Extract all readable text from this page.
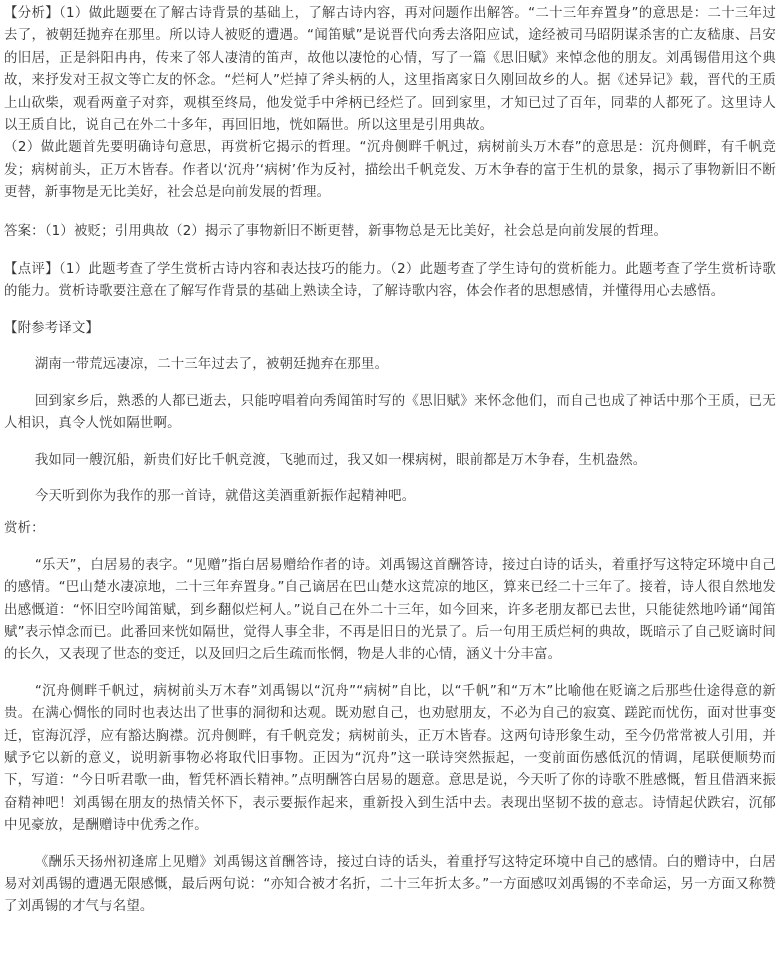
【分析】（1）做此题要在了解古诗背景的基础上，了解古诗内容，再对问题作出解答。“二十三年弃置身”的意思是：二十三年过去了，被朝廷抛弃在那里。所以诗人被贬的遭遇。“闻笛赋”是说晋代向秀去洛阳应试，途经被司马昭阴谋杀害的亡友嵇康、吕安的旧居，正是斜阳冉冉，传来了邻人凄清的笛声，故他以凄怆的心情，写了一篇《思旧赋》来悼念他的朋友。刘禹锡借用这个典故，来抒发对王叔文等亡友的怀念。“烂柯人”烂掉了斧头柄的人，这里指离家日久刚回故乡的人。据《述异记》载，晋代的王质上山砍柴，观看两童子对弈，观棋至终局，他发觉手中斧柄已经烂了。回到家里，才知已过了百年，同辈的人都死了。这里诗人以王质自比，说自己在外二十多年，再回旧地，恍如隔世。所以这里是引用典故。

（2）做此题首先要明确诗句意思，再赏析它揭示的哲理。“沉舟侧畔千帆过，病树前头万木春”的意思是：沉舟侧畔，有千帆竞发；病树前头，正万木皆春。作者以‘沉舟’‘病树’作为反衬，描绘出千帆竞发、万木争春的富于生机的景象，揭示了事物新旧不断更替，新事物是无比美好，社会总是向前发展的哲理。

答案：（1）被贬；引用典故（2）揭示了事物新旧不断更替，新事物总是无比美好，社会总是向前发展的哲理。

【点评】（1）此题考查了学生赏析古诗内容和表达技巧的能力。（2）此题考查了学生诗句的赏析能力。此题考查了学生赏析诗歌的能力。赏析诗歌要注意在了解写作背景的基础上熟读全诗，了解诗歌内容，体会作者的思想感情，并懂得用心去感悟。

【附参考译文】

湖南一带荒远凄凉，二十三年过去了，被朝廷抛弃在那里。

回到家乡后，熟悉的人都已逝去，只能哼唱着向秀闻笛时写的《思旧赋》来怀念他们，而自己也成了神话中那个王质，已无人相识，真令人恍如隔世啊。

我如同一艘沉船，新贵们好比千帆竞渡，飞驰而过，我又如一棵病树，眼前都是万木争春，生机盎然。

今天听到你为我作的那一首诗，就借这美酒重新振作起精神吧。

赏析：

“乐天”，白居易的表字。“见赠”指白居易赠给作者的诗。刘禹锡这首酬答诗，接过白诗的话头，着重抒写这特定环境中自己的感情。“巴山楚水凄凉地，二十三年弃置身。”自己谪居在巴山楚水这荒凉的地区，算来已经二十三年了。接着，诗人很自然地发出感慨道：“怀旧空吟闻笛赋，到乡翻似烂柯人。”说自己在外二十三年，如今回来，许多老朋友都已去世，只能徒然地吟诵“闻笛赋”表示悼念而已。此番回来恍如隔世，觉得人事全非，不再是旧日的光景了。后一句用王质烂柯的典故，既暗示了自己贬谪时间的长久，又表现了世态的变迁，以及回归之后生疏而怅惘，物是人非的心情，涵义十分丰富。

“沉舟侧畔千帆过，病树前头万木春”刘禹锡以“沉舟”“病树”自比，以“千帆”和“万木”比喻他在贬谪之后那些仕途得意的新贵。在满心惆怅的同时也表达出了世事的洞彻和达观。既劝慰自己，也劝慰朋友，不必为自己的寂寞、蹉跎而忧伤，面对世事变迁，宦海沉浮，应有豁达胸襟。沉舟侧畔，有千帆竞发；病树前头，正万木皆春。这两句诗形象生动，至今仍常常被人引用，并赋予它以新的意义，说明新事物必将取代旧事物。正因为“沉舟”这一联诗突然振起，一变前面伤感低沉的情调，尾联便顺势而下，写道：“今日听君歌一曲，暂凭杯酒长精神。”点明酬答白居易的题意。意思是说，今天听了你的诗歌不胜感慨，暂且借酒来振奋精神吧！刘禹锡在朋友的热情关怀下，表示要振作起来，重新投入到生活中去。表现出坚韧不拔的意志。诗情起伏跌宕，沉郁中见豪放，是酬赠诗中优秀之作。

《酬乐天扬州初逢席上见赠》刘禹锡这首酬答诗，接过白诗的话头，着重抒写这特定环境中自己的感情。白的赠诗中，白居易对刘禹锡的遭遇无限感慨，最后两句说：“亦知合被才名折，二十三年折太多。”一方面感叹刘禹锡的不幸命运，另一方面又称赞了刘禹锡的才气与名望。
